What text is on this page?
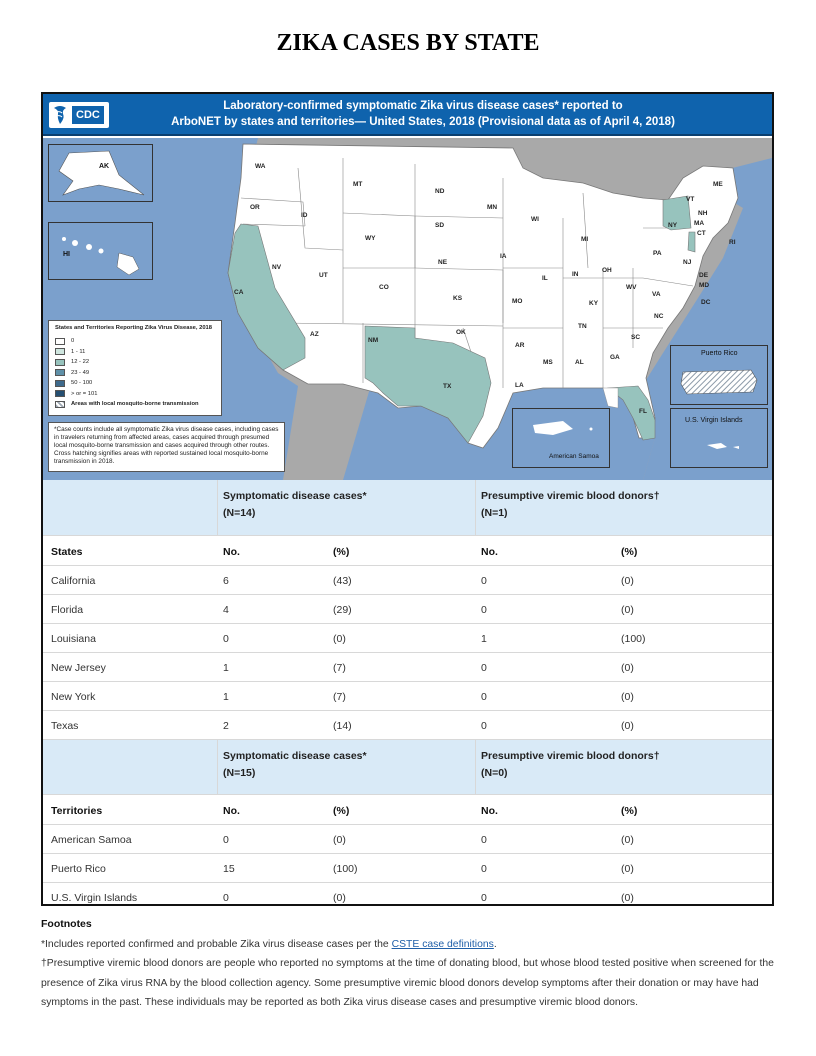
ZIKA CASES BY STATE
CDC
Laboratory-confirmed symptomatic Zika virus disease cases* reported to
ArboNET by states and territories— United States, 2018 (Provisional data as of April 4, 2018)
WA
OR
ID
MT
ND
MN
WI
MI
NY
VT
NH
ME
MA
CT
RI
PA
NJ
DE
MD
DC
OH
IN
IL
IA
SD
NE
WY
NV
UT
CO
CA
KS	MO	KY
WV
VA
NC
SC
TN
AR
OK
NM
AZ
TX	LA
MS	AL
GA
FL
AK
HI
States and Territories Reporting Zika Virus Disease, 2018
0
1 - 11
12 - 22
23 - 49
50 - 100
> or = 101
Areas with local mosquito-borne transmission
*Case counts include all symptomatic Zika virus disease cases, including cases in travelers returning from affected areas, cases acquired through presumed local mosquito-borne transmission and cases acquired through other routes. Cross hatching signifies areas with reported sustained local mosquito-borne transmission in 2018.
Puerto Rico
U.S. Virgin Islands
American Samoa
Symptomatic disease cases*
(N=14)
Presumptive viremic blood donors†
(N=1)
States	No.	(%)	No.	(%)
California	6	(43)	0	(0)
Florida	4	(29)	0	(0)
Louisiana	0	(0)	1	(100)
New Jersey	1	(7)	0	(0)
New York	1	(7)	0	(0)
Texas	2	(14)	0	(0)
Symptomatic disease cases*
(N=15)
Presumptive viremic blood donors†
(N=0)
Territories	No.	(%)	No.	(%)
American Samoa	0	(0)	0	(0)
Puerto Rico	15	(100)	0	(0)
U.S. Virgin Islands	0	(0)	0	(0)
Footnotes
*Includes reported confirmed and probable Zika virus disease cases per the CSTE case definitions.
†Presumptive viremic blood donors are people who reported no symptoms at the time of donating blood, but whose blood tested positive when screened for the presence of Zika virus RNA by the blood collection agency. Some presumptive viremic blood donors develop symptoms after their donation or may have had symptoms in the past. These individuals may be reported as both Zika virus disease cases and presumptive viremic blood donors.
